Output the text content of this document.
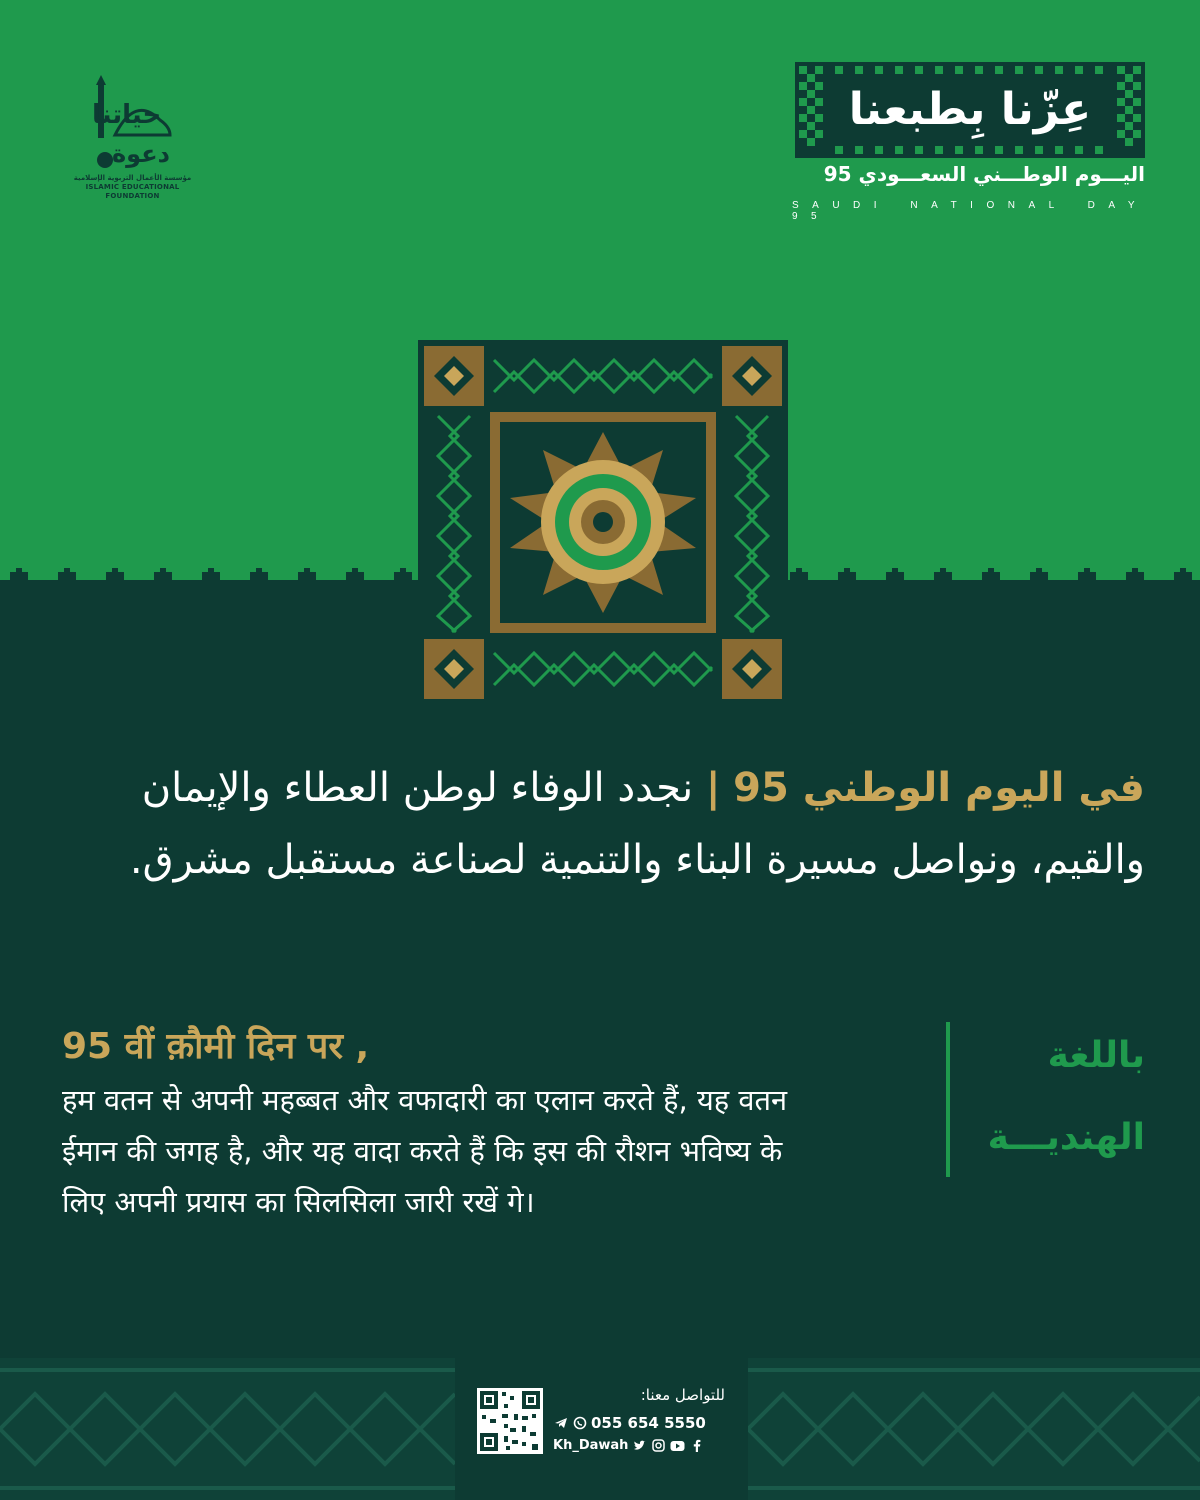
مؤسسة الأعمال التربوية الإسلامية
ISLAMIC EDUCATIONAL FOUNDATION
حياتنا
دعوة
عِزّنا بِطبعنا
اليـــوم الوطـــني السعـــودي 95
SAUDI NATIONAL DAY 95
في اليوم الوطني 95 | نجدد الوفاء لوطن العطاء والإيمان
والقيم، ونواصل مسيرة البناء والتنمية لصناعة مستقبل مشرق.
باللغة
الهنديـــة
95 वीं क़ौमी दिन पर ,
हम वतन से अपनी महब्बत और वफादारी का एलान करते हैं, यह वतन
ईमान की जगह है, और यह वादा करते हैं कि इस की रौशन भविष्य के
लिए अपनी प्रयास का सिलसिला जारी रखें गे।
للتواصل معنا:
055 654 5550
Kh_Dawah
